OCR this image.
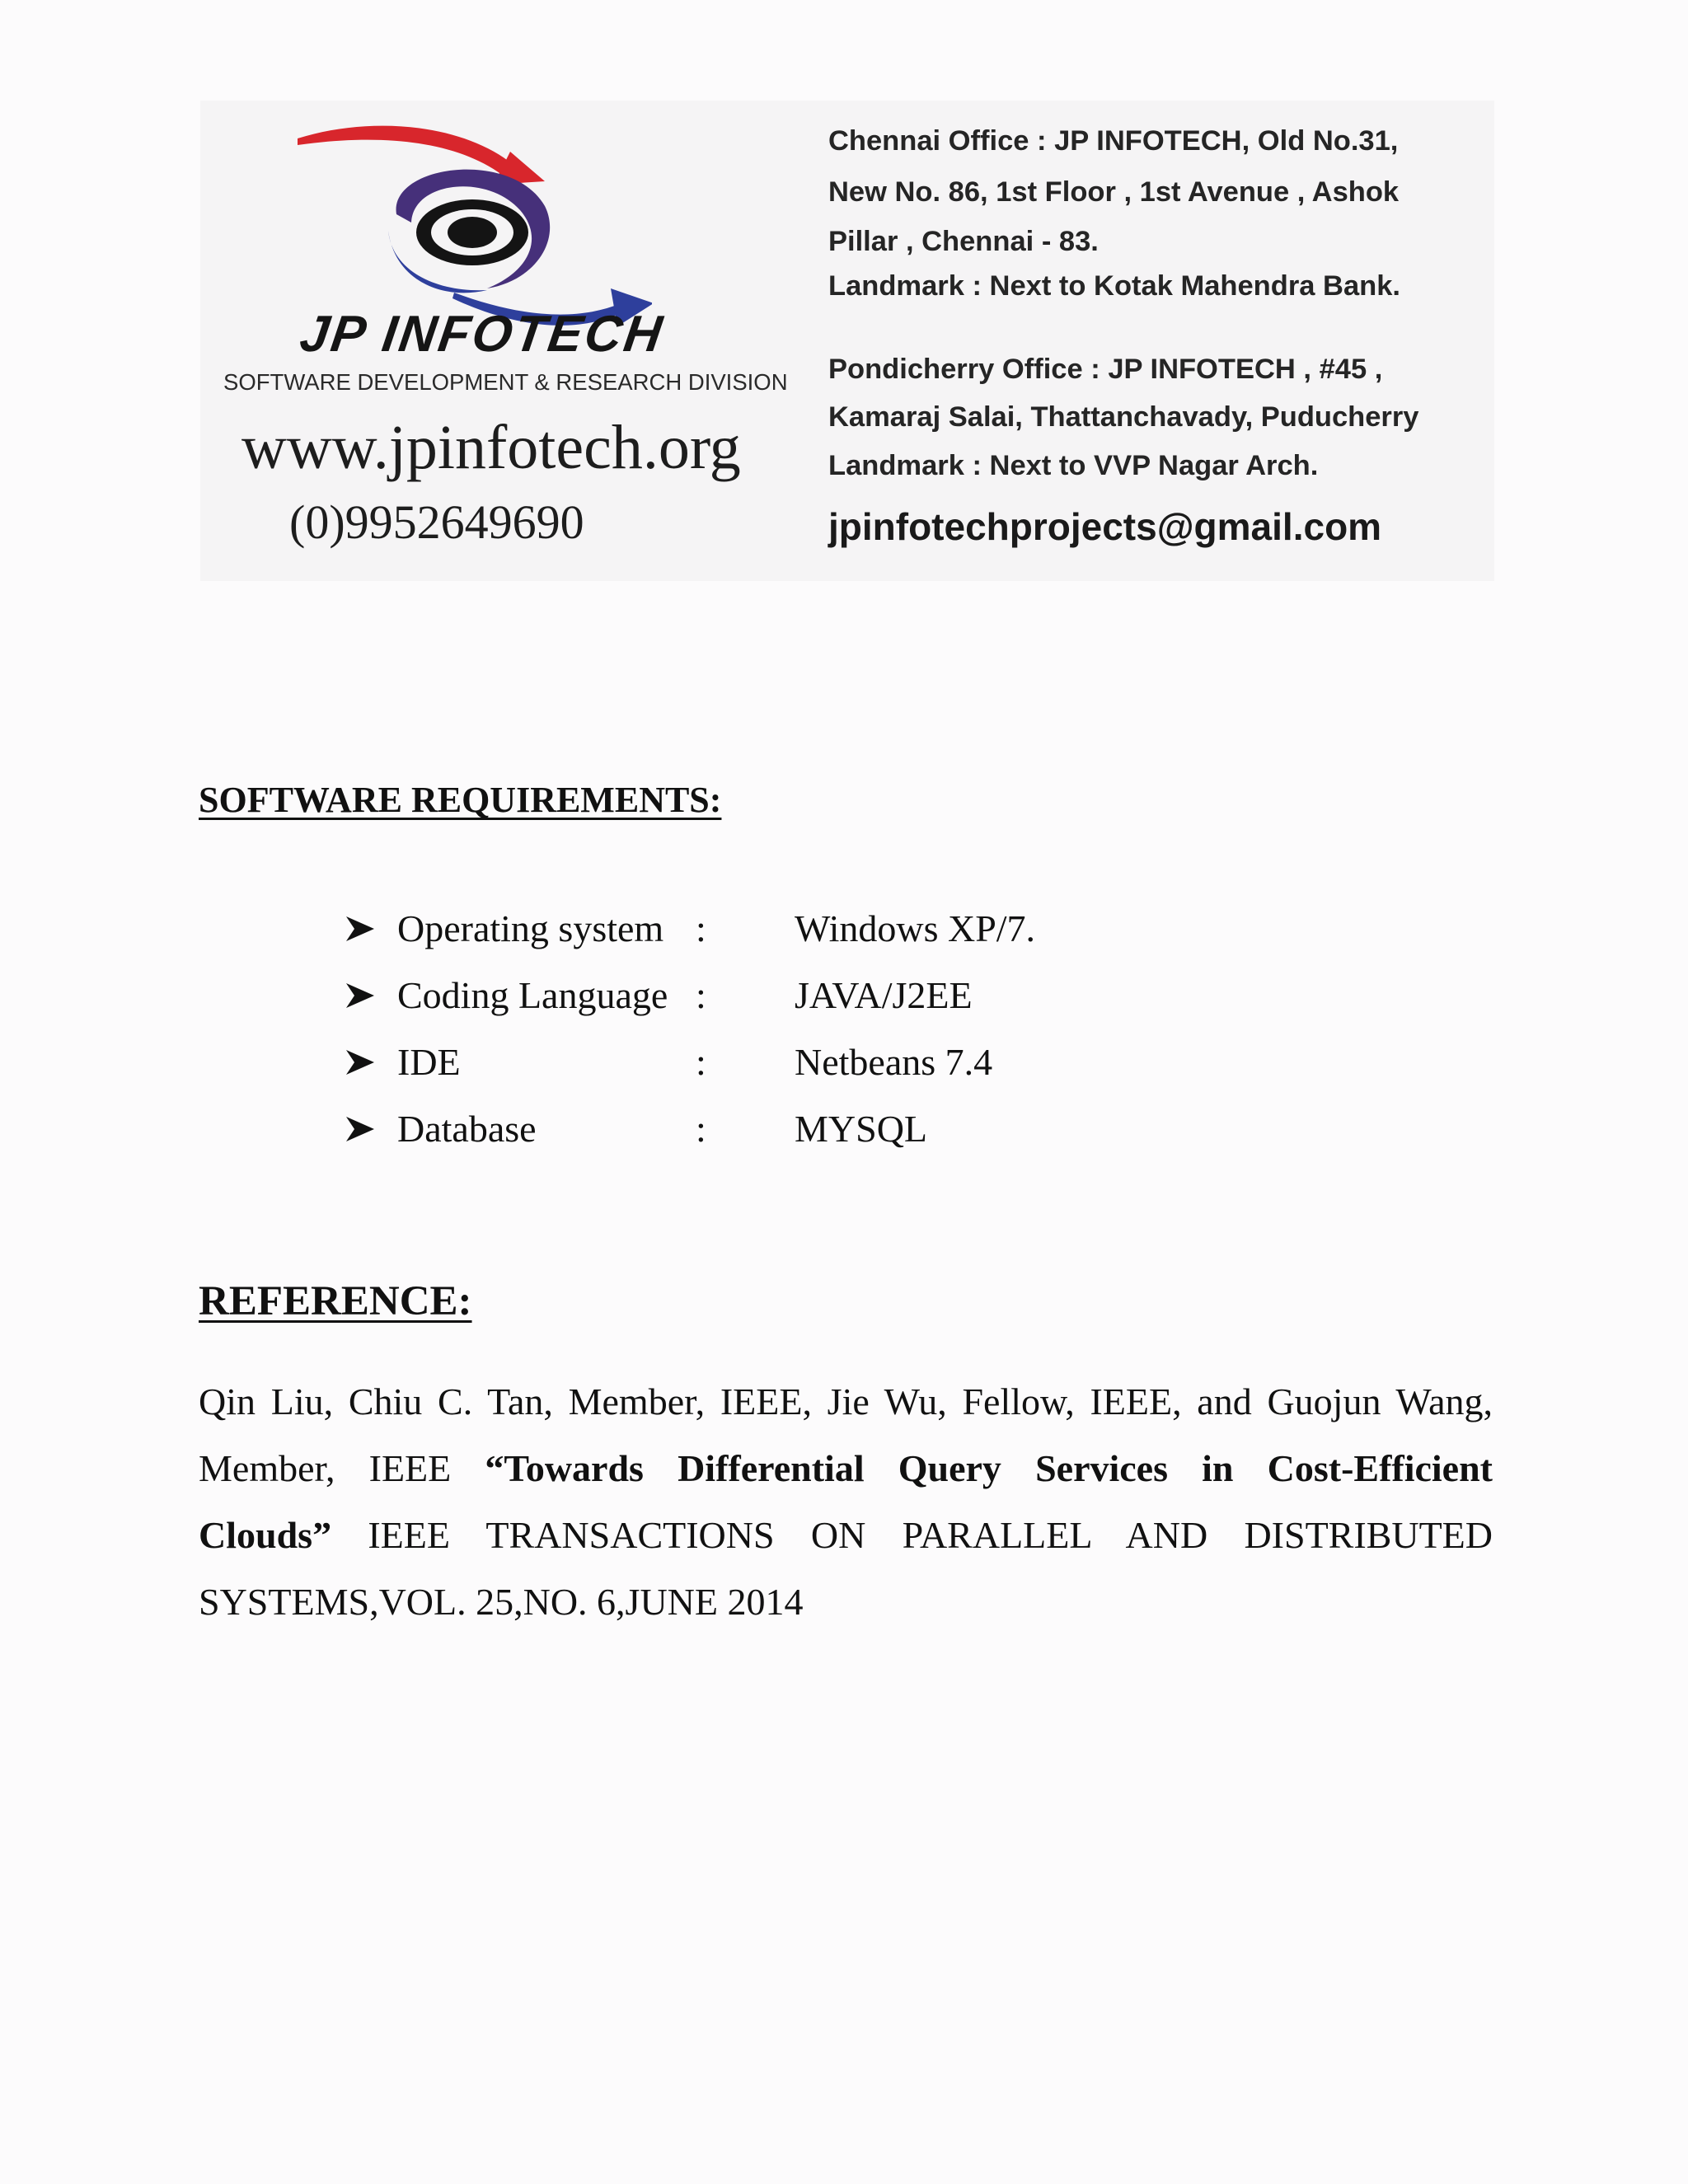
JP INFOTECH
SOFTWARE DEVELOPMENT & RESEARCH DIVISION
www.jpinfotech.org
(0)9952649690
Chennai Office : JP INFOTECH, Old No.31,
New No. 86, 1st Floor , 1st Avenue , Ashok
Pillar , Chennai - 83.
Landmark : Next to Kotak Mahendra Bank.
Pondicherry Office : JP INFOTECH , #45 ,
Kamaraj Salai, Thattanchavady, Puducherry
Landmark : Next to VVP Nagar Arch.
jpinfotechprojects@gmail.com
SOFTWARE REQUIREMENTS:
Operating system : Windows XP/7.
Coding Language : JAVA/J2EE
IDE	: Netbeans 7.4
Database	: MYSQL
REFERENCE:

Qin Liu, Chiu C. Tan, Member, IEEE, Jie Wu, Fellow, IEEE, and Guojun Wang,
Member, IEEE “Towards Differential Query Services in Cost-Efficient
Clouds” IEEE TRANSACTIONS ON PARALLEL AND DISTRIBUTED
SYSTEMS,VOL. 25,NO. 6,JUNE 2014
